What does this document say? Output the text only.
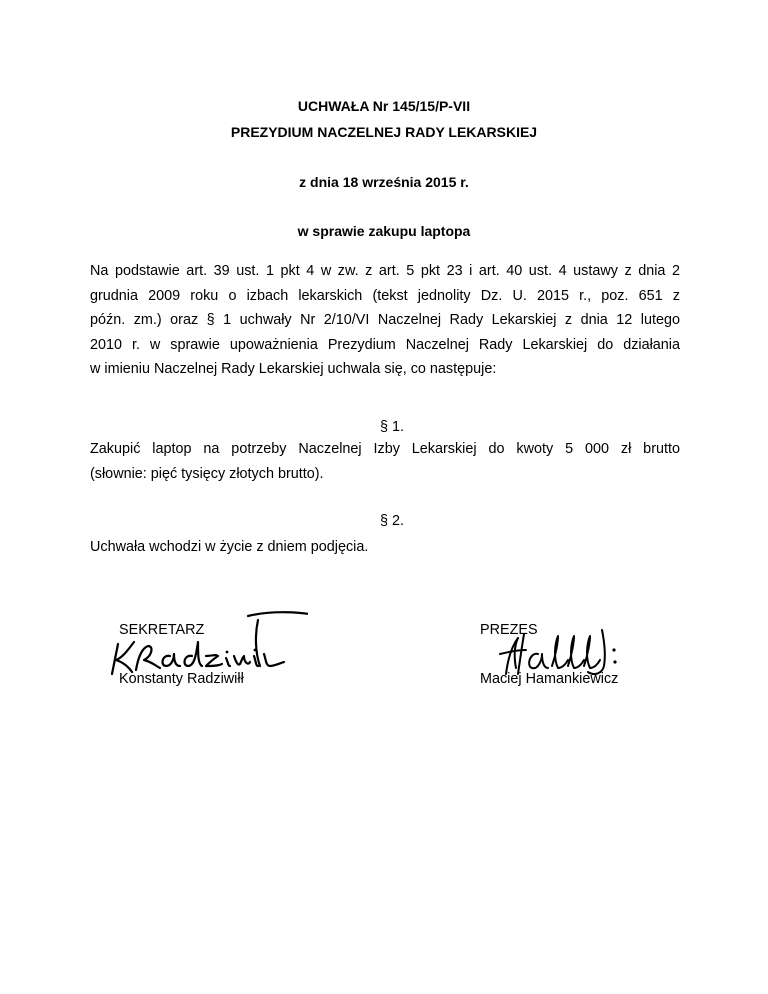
UCHWAŁA Nr 145/15/P-VII
PREZYDIUM NACZELNEJ RADY LEKARSKIEJ
z dnia 18 września 2015 r.
w sprawie zakupu laptopa
Na podstawie art. 39 ust. 1 pkt 4 w zw. z art. 5 pkt 23 i art. 40 ust. 4 ustawy z dnia 2
grudnia 2009 roku o izbach lekarskich (tekst jednolity Dz. U. 2015 r., poz. 651 z
późn. zm.) oraz § 1 uchwały Nr 2/10/VI Naczelnej Rady Lekarskiej z dnia 12 lutego
2010 r. w sprawie upoważnienia Prezydium Naczelnej Rady Lekarskiej do działania
w imieniu Naczelnej Rady Lekarskiej uchwala się, co następuje:
§ 1.
Zakupić laptop na potrzeby Naczelnej Izby Lekarskiej do kwoty 5 000 zł brutto
(słownie: pięć tysięcy złotych brutto).
§ 2.
Uchwała wchodzi w życie z dniem podjęcia.
SEKRETARZ
Konstanty Radziwiłł
PREZES
Maciej Hamankiewicz
